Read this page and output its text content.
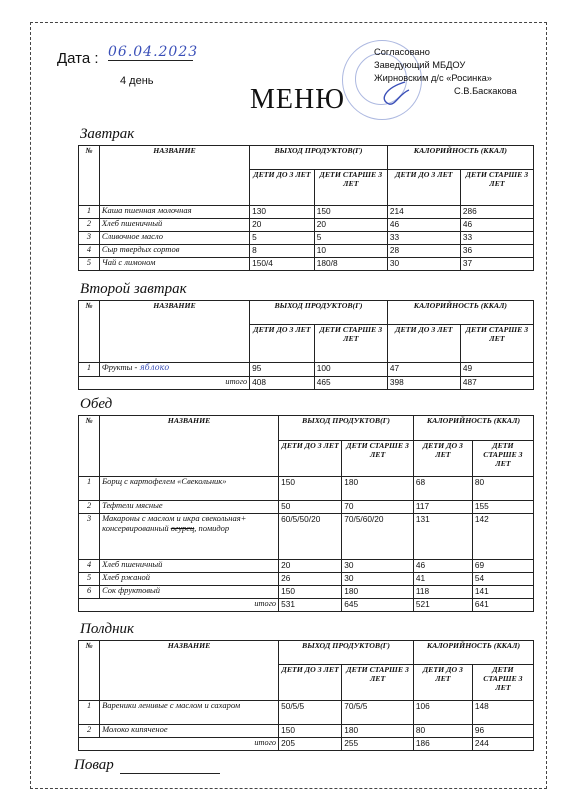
Дата : 06.04.2023
4 день
МЕНЮ
Согласовано
Заведующий МБДОУ
Жирновским д/с «Росинка»
С.В.Баскакова
Завтрак
№	НАЗВАНИЕ	ВЫХОД ПРОДУКТОВ(Г)		КАЛОРИЙНОСТЬ (ККАЛ)	
		ДЕТИ ДО 3 ЛЕТ	ДЕТИ СТАРШЕ 3 ЛЕТ	ДЕТИ ДО 3 ЛЕТ	ДЕТИ СТАРШЕ 3 ЛЕТ
1	Каша пшенная молочная	130	150	214	286
2	Хлеб пшеничный	20	20	46	46
3	Сливочное масло	5	5	33	33
4	Сыр твердых сортов	8	10	28	36
5	Чай с лимоном	150/4	180/8	30	37
Второй завтрак
№	НАЗВАНИЕ	ВЫХОД ПРОДУКТОВ(Г)		КАЛОРИЙНОСТЬ (ККАЛ)	
		ДЕТИ ДО 3 ЛЕТ	ДЕТИ СТАРШЕ 3 ЛЕТ	ДЕТИ ДО 3 ЛЕТ	ДЕТИ СТАРШЕ 3 ЛЕТ
1	Фрукты - яблоко	95	100	47	49
итого		408	465	398	487
Обед
№	НАЗВАНИЕ	ВЫХОД ПРОДУКТОВ(Г)		КАЛОРИЙНОСТЬ (ККАЛ)	
		ДЕТИ ДО 3 ЛЕТ	ДЕТИ СТАРШЕ 3 ЛЕТ	ДЕТИ ДО 3 ЛЕТ	ДЕТИ СТАРШЕ 3 ЛЕТ
1	Борщ с картофелем «Свекольник»	150	180	68	80
2	Тефтели мясные	50	70	117	155
3	Макароны с маслом и икра свекольная+ консервированный огурец, помидор	60/5/50/20	70/5/60/20	131	142
4	Хлеб пшеничный	20	30	46	69
5	Хлеб ржаной	26	30	41	54
6	Сок фруктовый	150	180	118	141
итого		531	645	521	641
Полдник
№	НАЗВАНИЕ	ВЫХОД ПРОДУКТОВ(Г)		КАЛОРИЙНОСТЬ (ККАЛ)	
		ДЕТИ ДО 3 ЛЕТ	ДЕТИ СТАРШЕ 3 ЛЕТ	ДЕТИ ДО 3 ЛЕТ	ДЕТИ СТАРШЕ 3 ЛЕТ
1	Вареники ленивые с маслом и сахаром	50/5/5	70/5/5	106	148
2	Молоко кипяченое	150	180	80	96
итого		205	255	186	244
Повар
